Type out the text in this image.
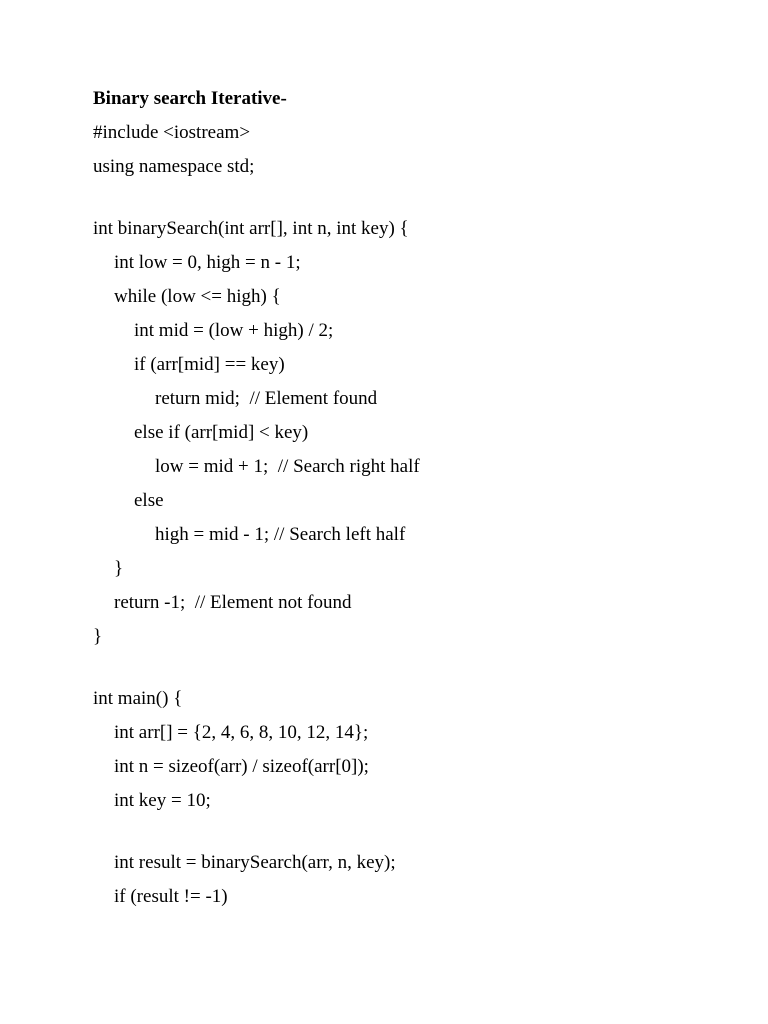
Binary search Iterative-
#include <iostream>
using namespace std;
int binarySearch(int arr[], int n, int key) {
int low = 0, high = n - 1;
while (low <= high) {
int mid = (low + high) / 2;
if (arr[mid] == key)
return mid;  // Element found
else if (arr[mid] < key)
low = mid + 1;  // Search right half
else
high = mid - 1; // Search left half
}
return -1;  // Element not found
}
int main() {
int arr[] = {2, 4, 6, 8, 10, 12, 14};
int n = sizeof(arr) / sizeof(arr[0]);
int key = 10;
int result = binarySearch(arr, n, key);
if (result != -1)
